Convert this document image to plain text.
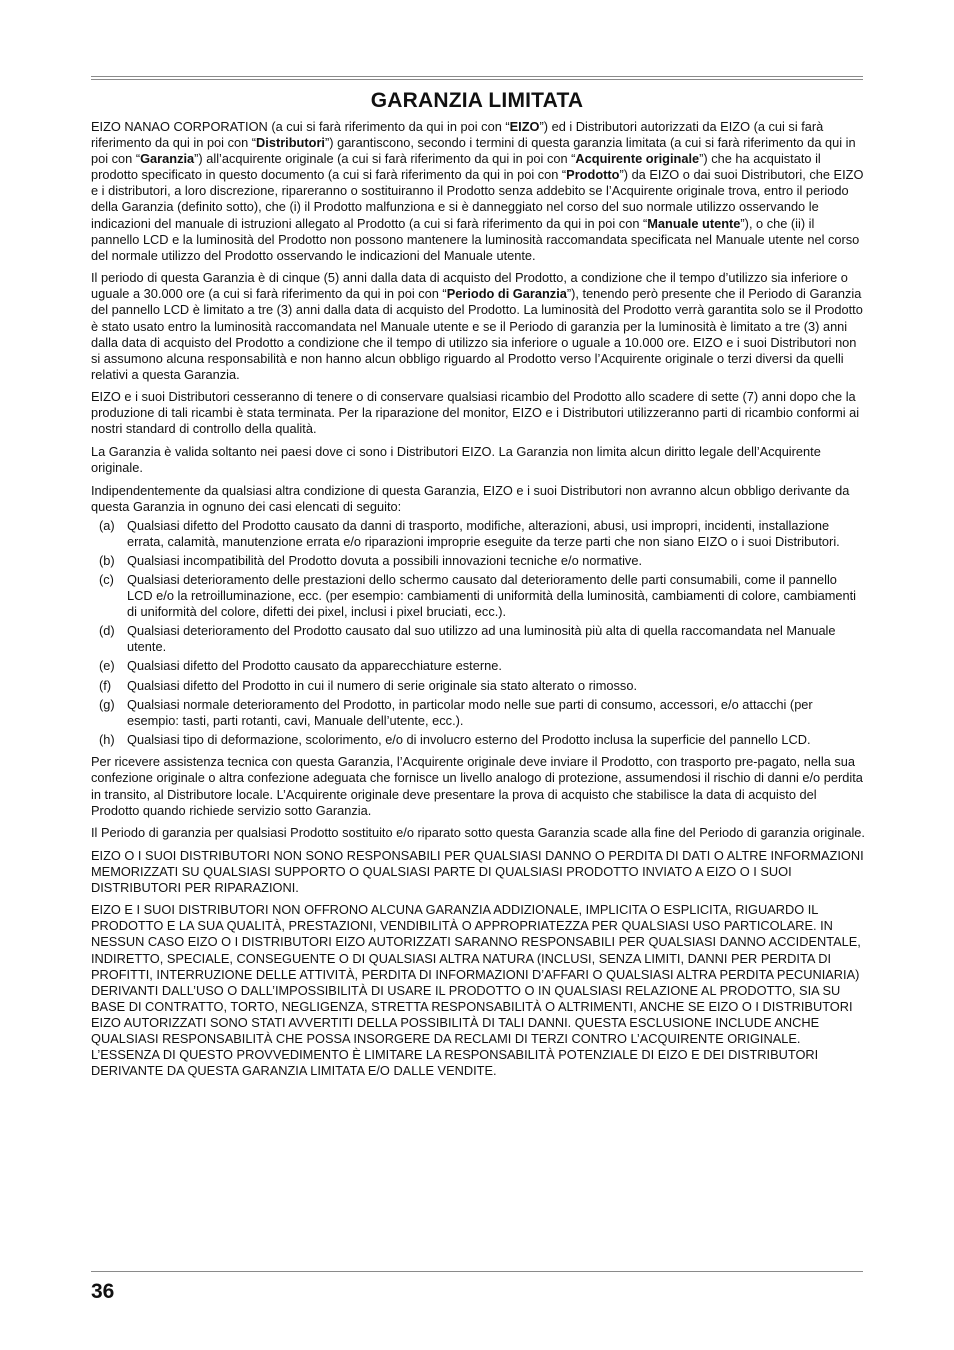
GARANZIA LIMITATA

EIZO NANAO CORPORATION (a cui si farà riferimento da qui in poi con “EIZO”) ed i Distributori autorizzati da EIZO (a cui si farà riferimento da qui in poi con “Distributori”) garantiscono, secondo i termini di questa garanzia limitata (a cui si farà riferimento da qui in poi con “Garanzia”) all’acquirente originale (a cui si farà riferimento da qui in poi con “Acquirente originale”) che ha acquistato il prodotto specificato in questo documento (a cui si farà riferimento da qui in poi con “Prodotto”) da EIZO o dai suoi Distributori, che EIZO e i distributori, a loro discrezione, ripareranno o sostituiranno il Prodotto senza addebito se l’Acquirente originale trova, entro il periodo della Garanzia (definito sotto), che (i) il Prodotto malfunziona e si è danneggiato nel corso del suo normale utilizzo osservando le indicazioni del manuale di istruzioni allegato al Prodotto (a cui si farà riferimento da qui in poi con “Manuale utente”), o che (ii) il pannello LCD e la luminosità del Prodotto non possono mantenere la luminosità raccomandata specificata nel Manuale utente nel corso del normale utilizzo del Prodotto osservando le indicazioni del Manuale utente.

Il periodo di questa Garanzia è di cinque (5) anni dalla data di acquisto del Prodotto, a condizione che il tempo d’utilizzo sia inferiore o uguale a 30.000 ore (a cui si farà riferimento da qui in poi con “Periodo di Garanzia”), tenendo però presente che il Periodo di Garanzia del pannello LCD è limitato a tre (3) anni dalla data di acquisto del Prodotto. La luminosità del Prodotto verrà garantita solo se il Prodotto è stato usato entro la luminosità raccomandata nel Manuale utente e se il Periodo di garanzia per la luminosità è limitato a tre (3) anni dalla data di acquisto del Prodotto a condizione che il tempo di utilizzo sia inferiore o uguale a 10.000 ore. EIZO e i suoi Distributori non si assumono alcuna responsabilità e non hanno alcun obbligo riguardo al Prodotto verso l’Acquirente originale o terzi diversi da quelli relativi a questa Garanzia.

EIZO e i suoi Distributori cesseranno di tenere o di conservare qualsiasi ricambio del Prodotto allo scadere di sette (7) anni dopo che la produzione di tali ricambi è stata terminata. Per la riparazione del monitor, EIZO e i Distributori utilizzeranno parti di ricambio conformi ai nostri standard di controllo della qualità.

La Garanzia è valida soltanto nei paesi dove ci sono i Distributori EIZO. La Garanzia non limita alcun diritto legale dell’Acquirente originale.

Indipendentemente da qualsiasi altra condizione di questa Garanzia, EIZO e i suoi Distributori non avranno alcun obbligo derivante da questa Garanzia in ognuno dei casi elencati di seguito:

(a) Qualsiasi difetto del Prodotto causato da danni di trasporto, modifiche, alterazioni, abusi, usi impropri, incidenti, installazione errata, calamità, manutenzione errata e/o riparazioni improprie eseguite da terze parti che non siano EIZO o i suoi Distributori.
(b) Qualsiasi incompatibilità del Prodotto dovuta a possibili innovazioni tecniche e/o normative.
(c)	Qualsiasi deterioramento delle prestazioni dello schermo causato dal deterioramento delle parti consumabili, come il pannello LCD e/o la retroilluminazione, ecc. (per esempio: cambiamenti di uniformità della luminosità, cambiamenti di colore, cambiamenti di uniformità del colore, difetti dei pixel, inclusi i pixel bruciati, ecc.).
(d) Qualsiasi deterioramento del Prodotto causato dal suo utilizzo ad una luminosità più alta di quella raccomandata nel Manuale utente.
(e) Qualsiasi difetto del Prodotto causato da apparecchiature esterne.
(f)	Qualsiasi difetto del Prodotto in cui il numero di serie originale sia stato alterato o rimosso.
(g) Qualsiasi normale deterioramento del Prodotto, in particolar modo nelle sue parti di consumo, accessori, e/o attacchi (per esempio: tasti, parti rotanti, cavi, Manuale dell’utente, ecc.).
(h) Qualsiasi tipo di deformazione, scolorimento, e/o di involucro esterno del Prodotto inclusa la superficie del pannello LCD.

Per ricevere assistenza tecnica con questa Garanzia, l’Acquirente originale deve inviare il Prodotto, con trasporto pre-pagato, nella sua confezione originale o altra confezione adeguata che fornisce un livello analogo di protezione, assumendosi il rischio di danni e/o perdita in transito, al Distributore locale. L’Acquirente originale deve presentare la prova di acquisto che stabilisce la data di acquisto del Prodotto quando richiede servizio sotto Garanzia.

Il Periodo di garanzia per qualsiasi Prodotto sostituito e/o riparato sotto questa Garanzia scade alla fine del Periodo di garanzia originale.

EIZO O I SUOI DISTRIBUTORI NON SONO RESPONSABILI PER QUALSIASI DANNO O PERDITA DI DATI O ALTRE INFORMAZIONI MEMORIZZATI SU QUALSIASI SUPPORTO O QUALSIASI PARTE DI QUALSIASI PRODOTTO INVIATO A EIZO O I SUOI DISTRIBUTORI PER RIPARAZIONI.

EIZO E I SUOI DISTRIBUTORI NON OFFRONO ALCUNA GARANZIA ADDIZIONALE, IMPLICITA O ESPLICITA, RIGUARDO IL PRODOTTO E LA SUA QUALITÀ, PRESTAZIONI, VENDIBILITÀ O APPROPRIATEZZA PER QUALSIASI USO PARTICOLARE. IN NESSUN CASO EIZO O I DISTRIBUTORI EIZO AUTORIZZATI SARANNO RESPONSABILI PER QUALSIASI DANNO ACCIDENTALE, INDIRETTO, SPECIALE, CONSEGUENTE O DI QUALSIASI ALTRA NATURA (INCLUSI, SENZA LIMITI, DANNI PER PERDITA DI PROFITTI, INTERRUZIONE DELLE ATTIVITÀ, PERDITA DI INFORMAZIONI D’AFFARI O QUALSIASI ALTRA PERDITA PECUNIARIA) DERIVANTI DALL’USO O DALL’IMPOSSIBILITÀ DI USARE IL PRODOTTO O IN QUALSIASI RELAZIONE AL PRODOTTO, SIA SU BASE DI CONTRATTO, TORTO, NEGLIGENZA, STRETTA RESPONSABILITÀ O ALTRIMENTI, ANCHE SE EIZO O I DISTRIBUTORI EIZO AUTORIZZATI SONO STATI AVVERTITI DELLA POSSIBILITÀ DI TALI DANNI. QUESTA ESCLUSIONE INCLUDE ANCHE QUALSIASI RESPONSABILITÀ CHE POSSA INSORGERE DA RECLAMI DI TERZI CONTRO L’ACQUIRENTE ORIGINALE. L’ESSENZA DI QUESTO PROVVEDIMENTO È LIMITARE LA RESPONSABILITÀ POTENZIALE DI EIZO E DEI DISTRIBUTORI DERIVANTE DA QUESTA GARANZIA LIMITATA E/O DALLE VENDITE.

36
